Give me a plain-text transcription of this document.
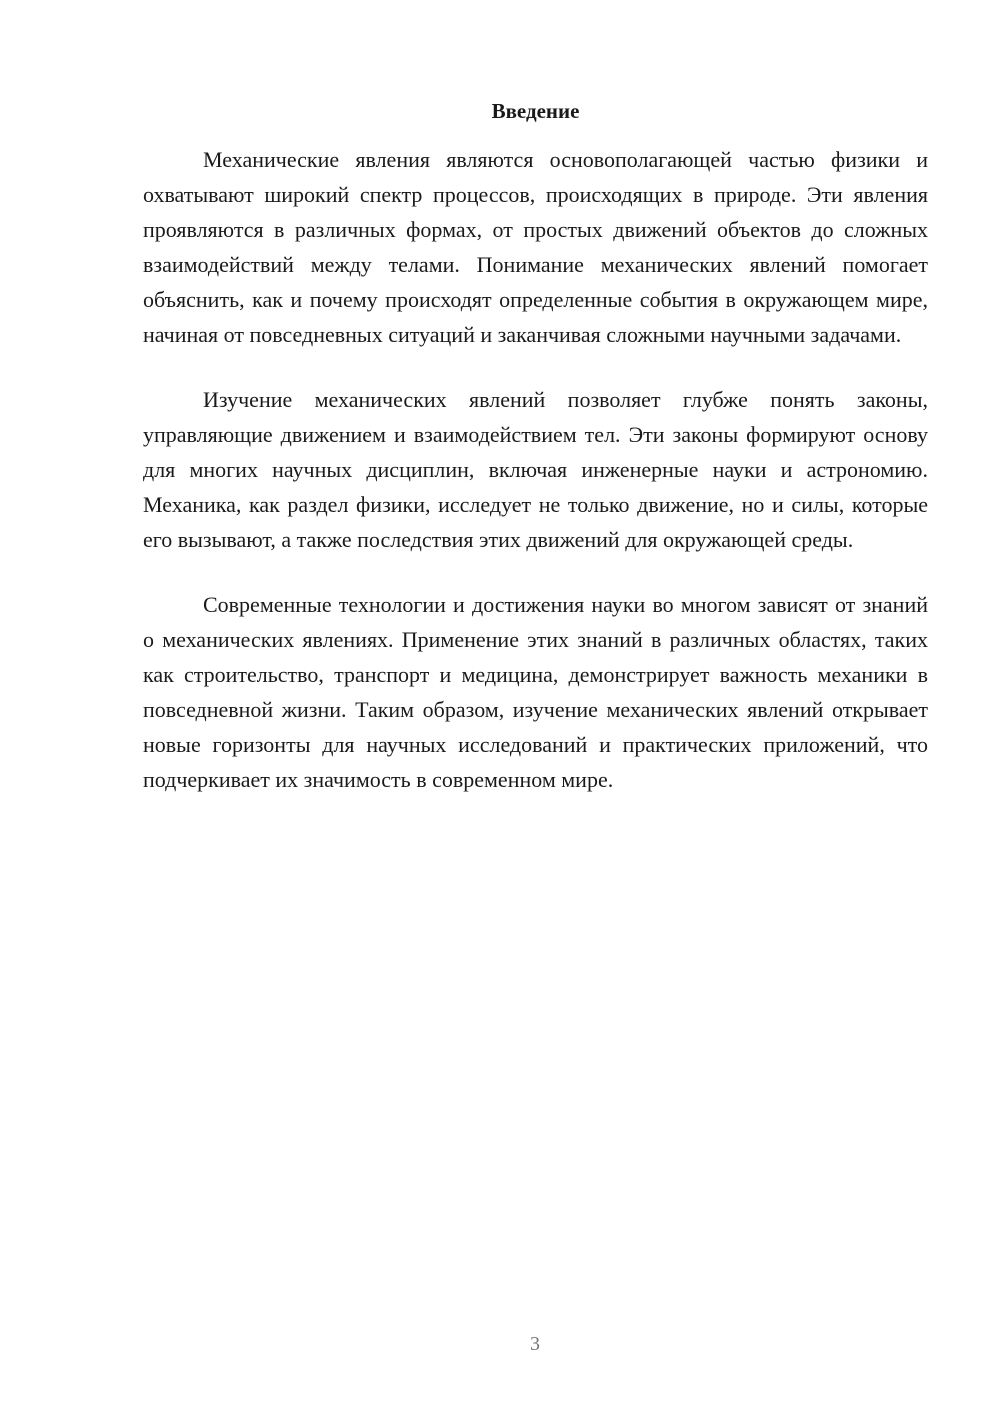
Введение

Механические явления являются основополагающей частью физики и охватывают широкий спектр процессов, происходящих в природе. Эти явления проявляются в различных формах, от простых движений объектов до сложных взаимодействий между телами. Понимание механических явлений помогает объяснить, как и почему происходят определенные события в окружающем мире, начиная от повседневных ситуаций и заканчивая сложными научными задачами.

Изучение механических явлений позволяет глубже понять законы, управляющие движением и взаимодействием тел. Эти законы формируют основу для многих научных дисциплин, включая инженерные науки и астрономию. Механика, как раздел физики, исследует не только движение, но и силы, которые его вызывают, а также последствия этих движений для окружающей среды.

Современные технологии и достижения науки во многом зависят от знаний о механических явлениях. Применение этих знаний в различных областях, таких как строительство, транспорт и медицина, демонстрирует важность механики в повседневной жизни. Таким образом, изучение механических явлений открывает новые горизонты для научных исследований и практических приложений, что подчеркивает их значимость в современном мире.

3
